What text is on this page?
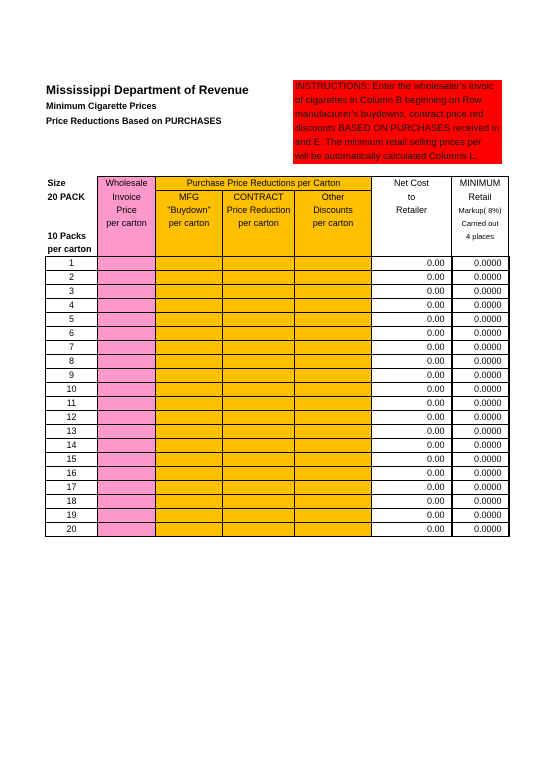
Mississippi Department of Revenue
Minimum Cigarette Prices
Price Reductions Based on PURCHASES

INSTRUCTIONS: Enter the wholesaler's invoic

of cigarettes in Column B beginning on Row

manufacturer's buydowns, contract price red

discounts BASED ON PURCHASES received in

and E. The minimum retail selling prices per

will be automatically calculated Columns L,

Size	Wholesale	Purchase Price Reductions per Carton			Net Cost	MINIMUM
20 PACK	Invoice	MFG	CONTRACT	Other	to	Retail
	Price	"Buydown"	Price Reduction	Discounts	Retailer	Markup( 8%)
	per carton	per carton	per carton	per carton		Carried out
10 Packs						4 places
per carton						
1					0.00	0.0000
2					0.00	0.0000
3					0.00	0.0000
4					0.00	0.0000
5					0.00	0.0000
6					0.00	0.0000
7					0.00	0.0000
8					0.00	0.0000
9					0.00	0.0000
10					0.00	0.0000
11					0.00	0.0000
12					0.00	0.0000
13					0.00	0.0000
14					0.00	0.0000
15					0.00	0.0000
16					0.00	0.0000
17					0.00	0.0000
18					0.00	0.0000
19					0.00	0.0000
20					0.00	0.0000
